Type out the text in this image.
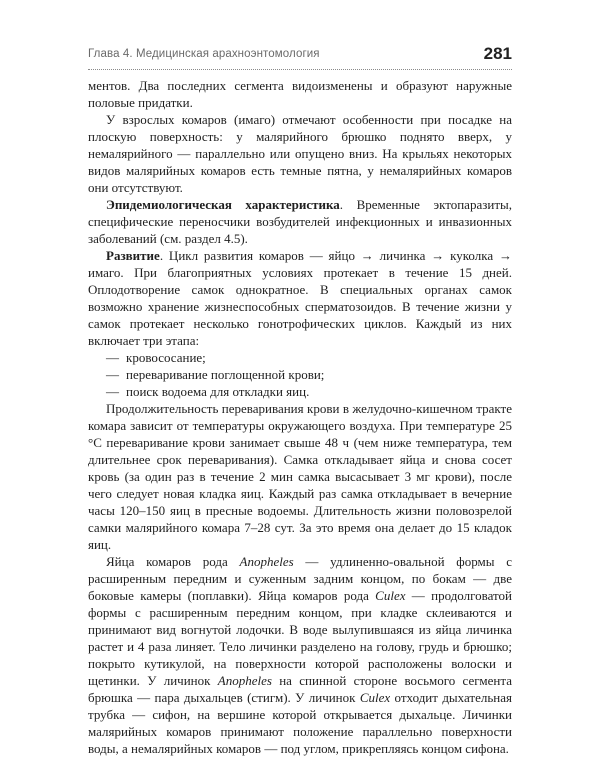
Глава 4. Медицинская арахноэнтомология	281

ментов. Два последних сегмента видоизменены и образуют наружные половые придатки.

У взрослых комаров (имаго) отмечают особенности при посадке на плоскую поверхность: у малярийного брюшко поднято вверх, у немалярийного — параллельно или опущено вниз. На крыльях некоторых видов малярийных комаров есть темные пятна, у немалярийных комаров они отсутствуют.

Эпидемиологическая характеристика. Временные эктопаразиты, специфические переносчики возбудителей инфекционных и инвазионных заболеваний (см. раздел 4.5).

Развитие. Цикл развития комаров — яйцо → личинка → куколка → имаго. При благоприятных условиях протекает в течение 15 дней. Оплодотворение самок однократное. В специальных органах самок возможно хранение жизнеспособных сперматозоидов. В течение жизни у самок протекает несколько гонотрофических циклов. Каждый из них включает три этапа:

— кровососание;
— переваривание поглощенной крови;
— поиск водоема для откладки яиц.

Продолжительность переваривания крови в желудочно-кишечном тракте комара зависит от температуры окружающего воздуха. При температуре 25 °С переваривание крови занимает свыше 48 ч (чем ниже температура, тем длительнее срок переваривания). Самка откладывает яйца и снова сосет кровь (за один раз в течение 2 мин самка высасывает 3 мг крови), после чего следует новая кладка яиц. Каждый раз самка откладывает в вечерние часы 120–150 яиц в пресные водоемы. Длительность жизни половозрелой самки малярийного комара 7–28 сут. За это время она делает до 15 кладок яиц.

Яйца комаров рода Anopheles — удлиненно-овальной формы с расширенным передним и суженным задним концом, по бокам — две боковые камеры (поплавки). Яйца комаров рода Culex — продолговатой формы с расширенным передним концом, при кладке склеиваются и принимают вид вогнутой лодочки. В воде вылупившаяся из яйца личинка растет и 4 раза линяет. Тело личинки разделено на голову, грудь и брюшко; покрыто кутикулой, на поверхности которой расположены волоски и щетинки. У личинок Anopheles на спинной стороне восьмого сегмента брюшка — пара дыхальцев (стигм). У личинок Culex отходит дыхательная трубка — сифон, на вершине которой открывается дыхальце. Личинки малярийных комаров принимают положение параллельно поверхности воды, а немалярийных комаров — под углом, прикрепляясь концом сифона.
